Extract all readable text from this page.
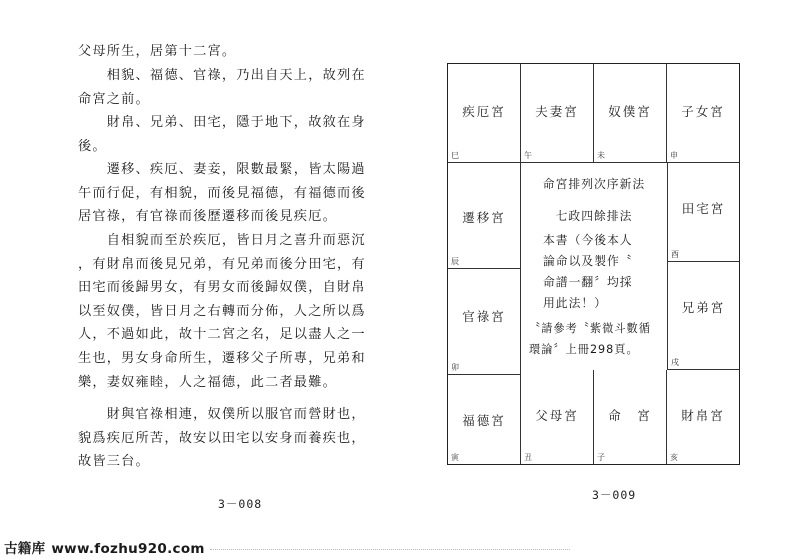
父母所生，居第十二宮。

　　相貌、福德、官祿，乃出自天上，故列在
命宮之前。

　　財帛、兄弟、田宅，隱于地下，故敘在身
後。

　　遷移、疾厄、妻妾，限數最緊，皆太陽過
午而行促，有相貌，而後見福德，有福德而後
居官祿，有官祿而後歷遷移而後見疾厄。

　　自相貌而至於疾厄，皆日月之喜升而惡沉
，有財帛而後見兄弟，有兄弟而後分田宅，有
田宅而後歸男女，有男女而後歸奴僕，自財帛
以至奴僕，皆日月之右轉而分佈，人之所以爲
人，不過如此，故十二宮之名，足以盡人之一
生也，男女身命所生，遷移父子所專，兄弟和
樂，妻奴雍睦，人之福德，此二者最難。

　　財與官祿相連，奴僕所以服官而營財也，
貌爲疾厄所苦，故安以田宅以安身而養疾也，
故皆三台。

3－008
3－009
疾厄宮
巳
夫妻宮
午
奴僕宮
未
子女宮
申
遷移宮
辰
田宅宮
酉
官祿宮
卯
兄弟宮
戌
福德宮
寅
父母宮
丑
命　宮
子
財帛宮
亥
命宮排列次序新法
七政四餘排法

本書（今後本人
論命以及製作〝
命譜一翻〞均採
用此法！）

〝請參考〝紫微斗數循
環論〞上冊298頁。

古籍库 www.fozhu920.com
